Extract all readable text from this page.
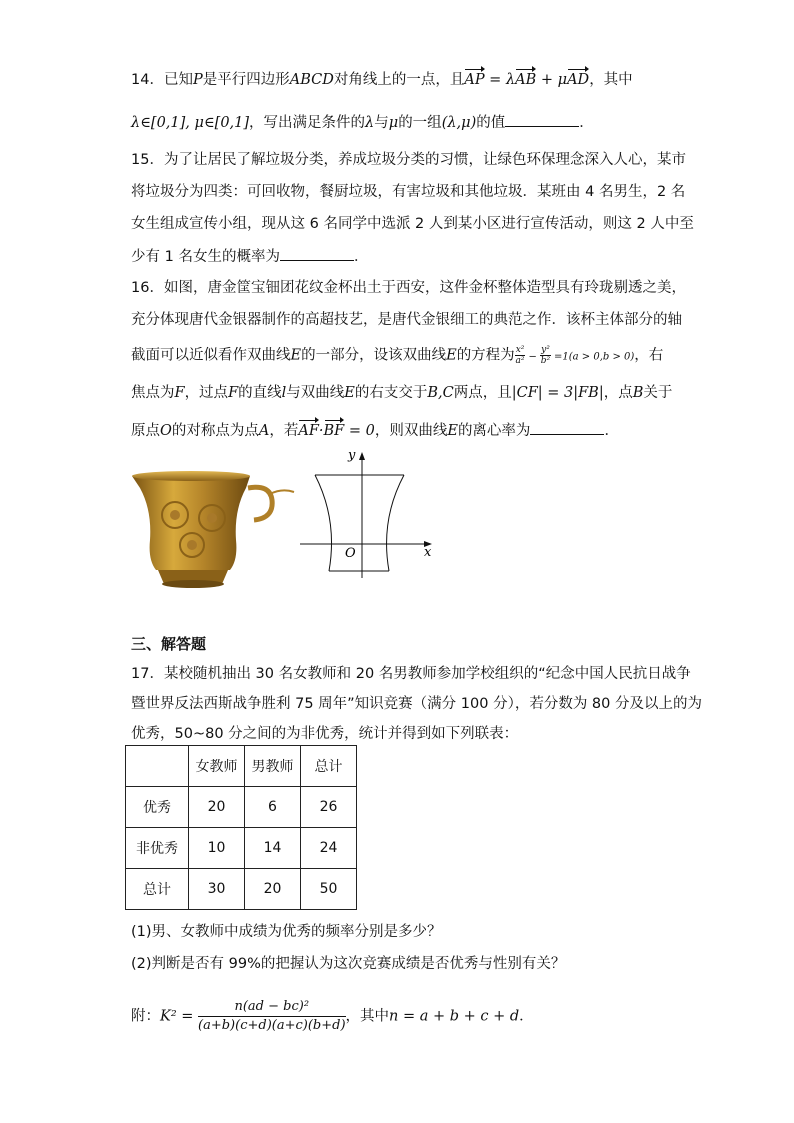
14．已知P是平行四边形ABCD对角线上的一点，且AP = λAB + μAD，其中
λ∈[0,1], μ∈[0,1]，写出满足条件的λ与μ的一组(λ,μ)的值	．
15．为了让居民了解垃圾分类，养成垃圾分类的习惯，让绿色环保理念深入人心，某市
将垃圾分为四类：可回收物，餐厨垃圾，有害垃圾和其他垃圾．某班由 4 名男生，2 名
女生组成宣传小组，现从这 6 名同学中选派 2 人到某小区进行宣传活动，则这 2 人中至
少有 1 名女生的概率为	．
16．如图，唐金筐宝钿团花纹金杯出土于西安，这件金杯整体造型具有玲珑剔透之美，
充分体现唐代金银器制作的高超技艺，是唐代金银细工的典范之作．该杯主体部分的轴
截面可以近似看作双曲线E的一部分，设该双曲线E的方程为 $\frac{\text{x²}}{\text{a²}} - \frac{\text{y²}}{\text{b²}} =1(a > 0,b > 0)$，右
焦点为F，过点F的直线l与双曲线E的右支交于B,C两点，且|CF| = 3|FB|，点B关于
原点O的对称点为点A，若AF·BF = 0，则双曲线E的离心率为	．
y
x
O
三、解答题
17．某校随机抽出 30 名女教师和 20 名男教师参加学校组织的“纪念中国人民抗日战争
暨世界反法西斯战争胜利 75 周年”知识竞赛（满分 100 分），若分数为 80 分及以上的为
优秀，50~80 分之间的为非优秀，统计并得到如下列联表：
	女教师	男教师	总计
优秀	20	6	26
非优秀	10	14	24
总计	30	20	50
(1)男、女教师中成绩为优秀的频率分别是多少？
(2)判断是否有 99%的把握认为这次竞赛成绩是否优秀与性别有关？
附：$K^2 = \frac{\text{n(ad − bc)²}}{(a+b)(c+d)(a+c)(b+d)}$，其中n = a + b + c + d．
